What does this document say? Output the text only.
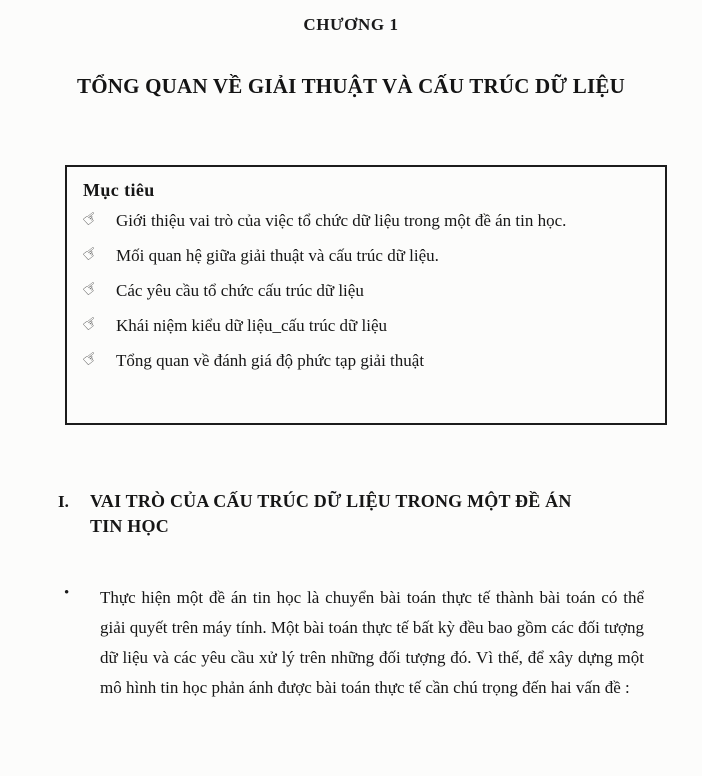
CHƯƠNG 1
TỔNG QUAN VỀ GIẢI THUẬT VÀ CẤU TRÚC DỮ LIỆU
Mục tiêu
☞ Giới thiệu vai trò của việc tổ chức dữ liệu trong một đề án tin học.
☞ Mối quan hệ giữa giải thuật và cấu trúc dữ liệu.
☞ Các yêu cầu tổ chức cấu trúc dữ liệu
☞ Khái niệm kiểu dữ liệu_cấu trúc dữ liệu
☞ Tổng quan về đánh giá độ phức tạp giải thuật
I.	VAI TRÒ CỦA CẤU TRÚC DỮ LIỆU TRONG MỘT ĐỀ ÁN TIN HỌC
• Thực hiện một đề án tin học là chuyển bài toán thực tế thành bài toán có thể giải quyết trên máy tính. Một bài toán thực tế bất kỳ đều bao gồm các đối tượng dữ liệu và các yêu cầu xử lý trên những đối tượng đó. Vì thế, để xây dựng một mô hình tin học phản ánh được bài toán thực tế cần chú trọng đến hai vấn đề :
